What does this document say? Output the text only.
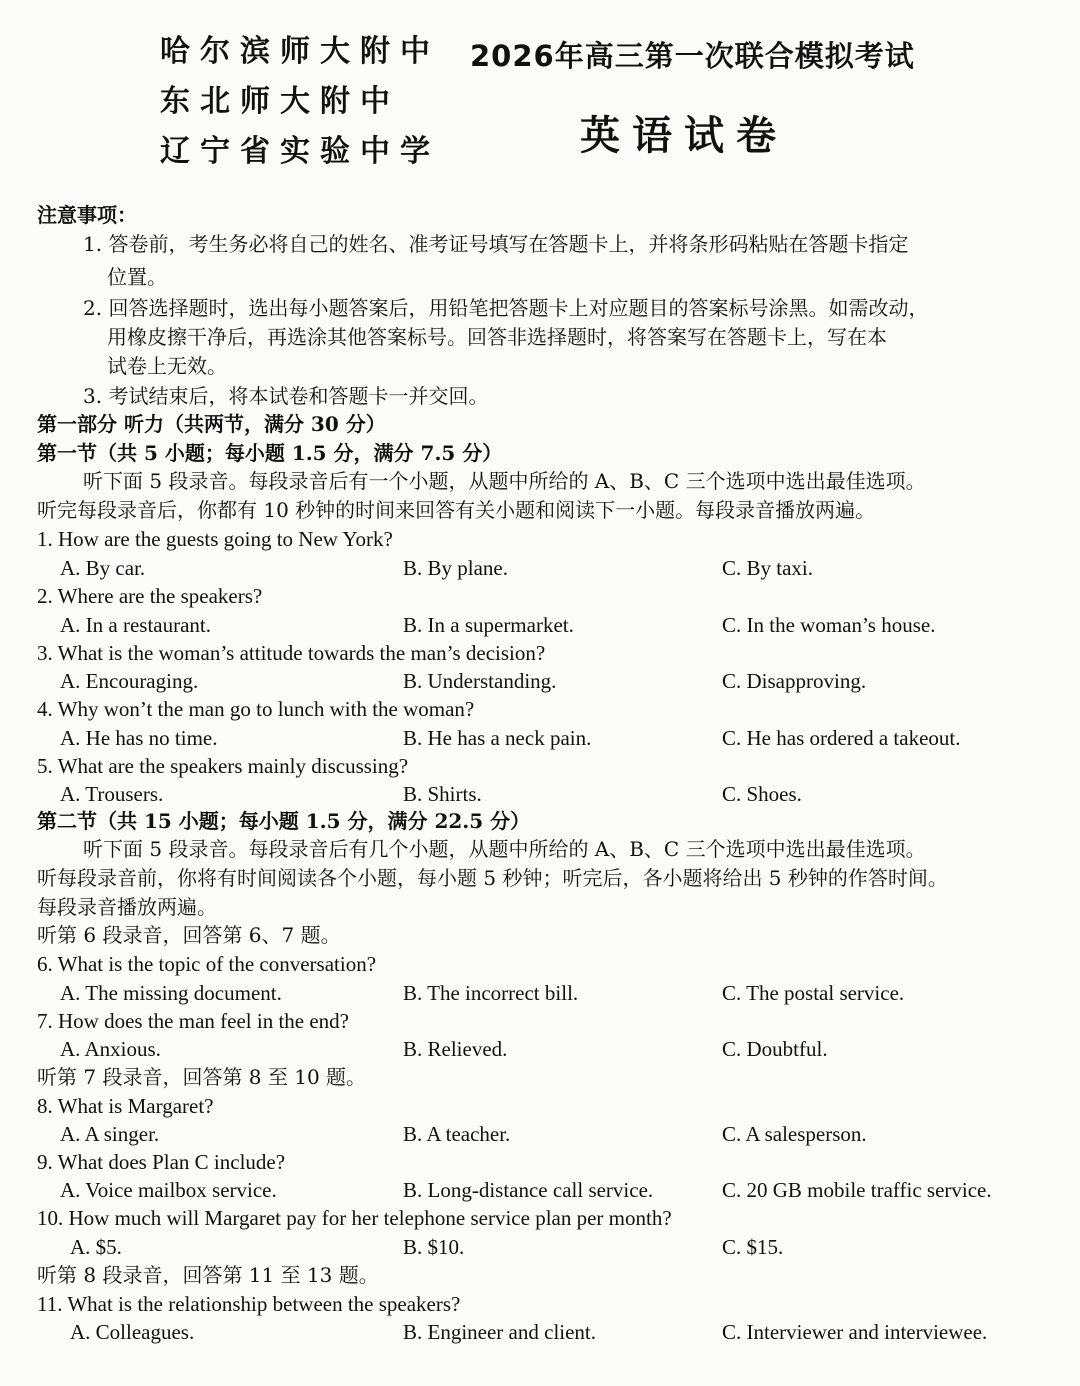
哈尔滨师大附中
东北师大附中
辽宁省实验中学
2026年高三第一次联合模拟考试
英语试卷
注意事项：
1. 答卷前，考生务必将自己的姓名、准考证号填写在答题卡上，并将条形码粘贴在答题卡指定
位置。
2. 回答选择题时，选出每小题答案后，用铅笔把答题卡上对应题目的答案标号涂黑。如需改动，
用橡皮擦干净后，再选涂其他答案标号。回答非选择题时，将答案写在答题卡上，写在本
试卷上无效。
3. 考试结束后，将本试卷和答题卡一并交回。
第一部分 听力（共两节，满分 30 分）
第一节（共 5 小题；每小题 1.5 分，满分 7.5 分）
听下面 5 段录音。每段录音后有一个小题，从题中所给的 A、B、C 三个选项中选出最佳选项。
听完每段录音后，你都有 10 秒钟的时间来回答有关小题和阅读下一小题。每段录音播放两遍。
1. How are the guests going to New York?
A. By car.	B. By plane.	C. By taxi.
2. Where are the speakers?
A. In a restaurant.	B. In a supermarket.	C. In the woman’s house.
3. What is the woman’s attitude towards the man’s decision?
A. Encouraging.	B. Understanding.	C. Disapproving.
4. Why won’t the man go to lunch with the woman?
A. He has no time.	B. He has a neck pain.	C. He has ordered a takeout.
5. What are the speakers mainly discussing?
A. Trousers.	B. Shirts.	C. Shoes.
第二节（共 15 小题；每小题 1.5 分，满分 22.5 分）
听下面 5 段录音。每段录音后有几个小题，从题中所给的 A、B、C 三个选项中选出最佳选项。
听每段录音前，你将有时间阅读各个小题，每小题 5 秒钟；听完后，各小题将给出 5 秒钟的作答时间。
每段录音播放两遍。
听第 6 段录音，回答第 6、7 题。
6. What is the topic of the conversation?
A. The missing document.	B. The incorrect bill.	C. The postal service.
7. How does the man feel in the end?
A. Anxious.	B. Relieved.	C. Doubtful.
听第 7 段录音，回答第 8 至 10 题。
8. What is Margaret?
A. A singer.	B. A teacher.	C. A salesperson.
9. What does Plan C include?
A. Voice mailbox service.	B. Long-distance call service.	C. 20 GB mobile traffic service.
10. How much will Margaret pay for her telephone service plan per month?
A. $5.	B. $10.	C. $15.
听第 8 段录音，回答第 11 至 13 题。
11. What is the relationship between the speakers?
A. Colleagues.	B. Engineer and client.	C. Interviewer and interviewee.
